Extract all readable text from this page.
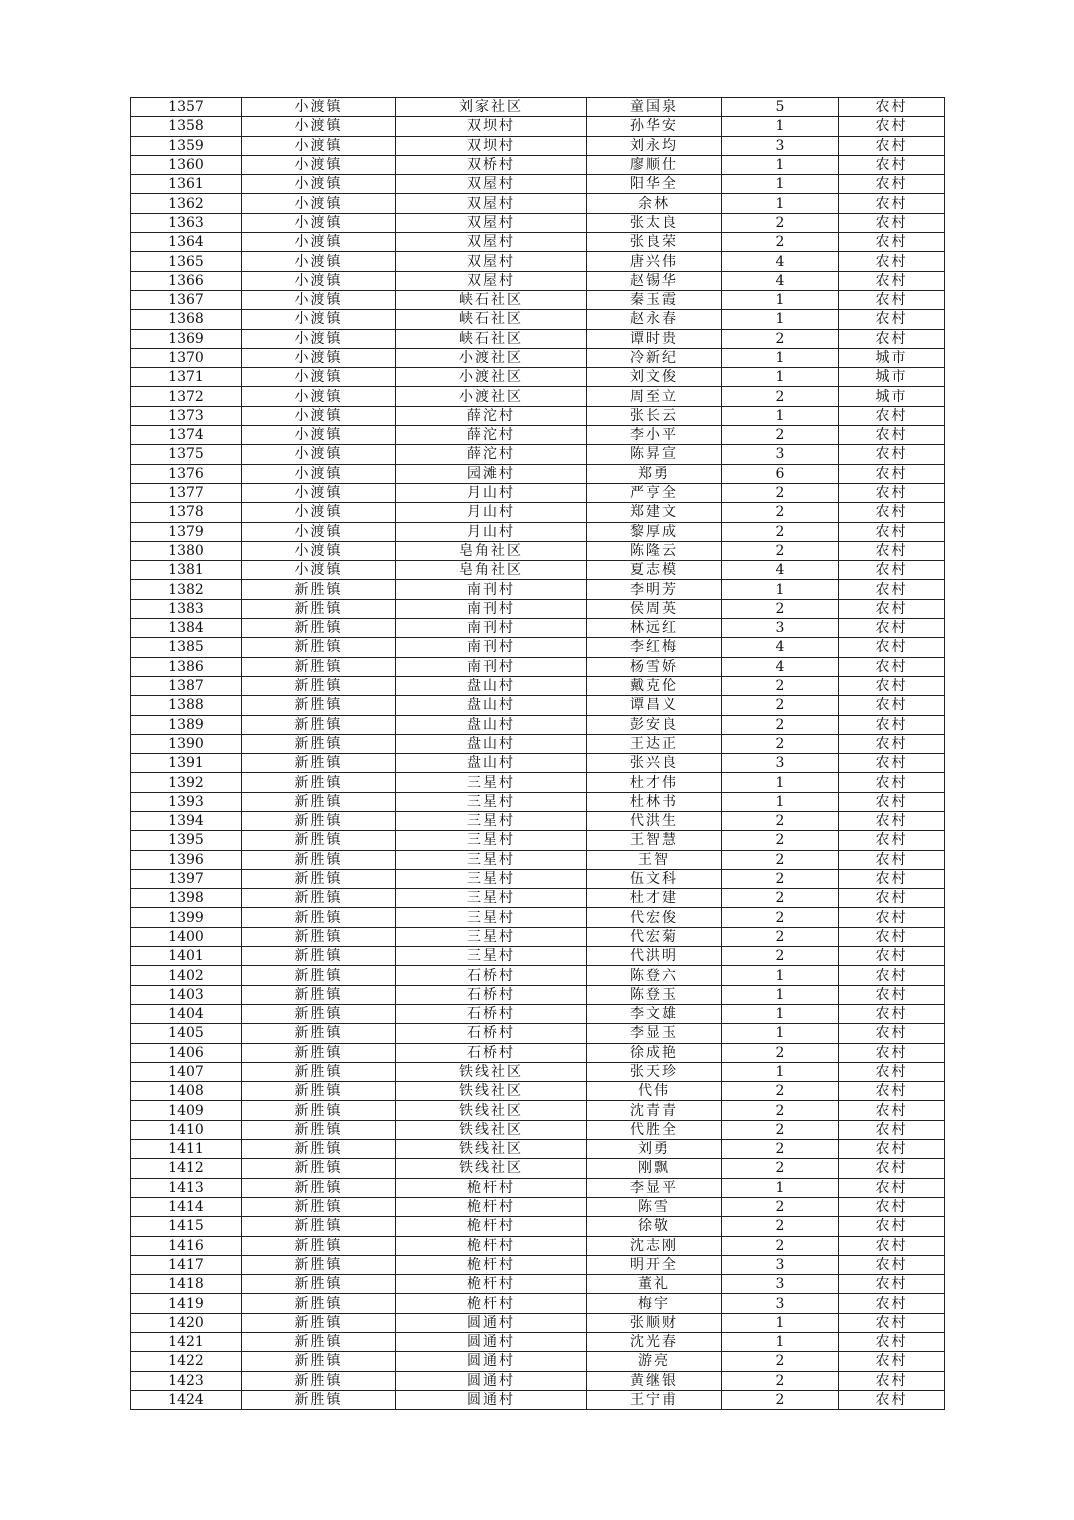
1357	小渡镇	刘家社区	童国泉	5	农村
1358	小渡镇	双坝村	孙华安	1	农村
1359	小渡镇	双坝村	刘永均	3	农村
1360	小渡镇	双桥村	廖顺仕	1	农村
1361	小渡镇	双屋村	阳华全	1	农村
1362	小渡镇	双屋村	余林	1	农村
1363	小渡镇	双屋村	张太良	2	农村
1364	小渡镇	双屋村	张良荣	2	农村
1365	小渡镇	双屋村	唐兴伟	4	农村
1366	小渡镇	双屋村	赵锡华	4	农村
1367	小渡镇	峡石社区	秦玉霞	1	农村
1368	小渡镇	峡石社区	赵永春	1	农村
1369	小渡镇	峡石社区	谭时贵	2	农村
1370	小渡镇	小渡社区	冷新纪	1	城市
1371	小渡镇	小渡社区	刘文俊	1	城市
1372	小渡镇	小渡社区	周至立	2	城市
1373	小渡镇	薛沱村	张长云	1	农村
1374	小渡镇	薛沱村	李小平	2	农村
1375	小渡镇	薛沱村	陈昇宣	3	农村
1376	小渡镇	园滩村	郑勇	6	农村
1377	小渡镇	月山村	严亨全	2	农村
1378	小渡镇	月山村	郑建文	2	农村
1379	小渡镇	月山村	黎厚成	2	农村
1380	小渡镇	皂角社区	陈隆云	2	农村
1381	小渡镇	皂角社区	夏志模	4	农村
1382	新胜镇	南刊村	李明芳	1	农村
1383	新胜镇	南刊村	侯周英	2	农村
1384	新胜镇	南刊村	林远红	3	农村
1385	新胜镇	南刊村	李红梅	4	农村
1386	新胜镇	南刊村	杨雪娇	4	农村
1387	新胜镇	盘山村	戴克伦	2	农村
1388	新胜镇	盘山村	谭昌义	2	农村
1389	新胜镇	盘山村	彭安良	2	农村
1390	新胜镇	盘山村	王达正	2	农村
1391	新胜镇	盘山村	张兴良	3	农村
1392	新胜镇	三星村	杜才伟	1	农村
1393	新胜镇	三星村	杜林书	1	农村
1394	新胜镇	三星村	代洪生	2	农村
1395	新胜镇	三星村	王智慧	2	农村
1396	新胜镇	三星村	王智	2	农村
1397	新胜镇	三星村	伍文科	2	农村
1398	新胜镇	三星村	杜才建	2	农村
1399	新胜镇	三星村	代宏俊	2	农村
1400	新胜镇	三星村	代宏菊	2	农村
1401	新胜镇	三星村	代洪明	2	农村
1402	新胜镇	石桥村	陈登六	1	农村
1403	新胜镇	石桥村	陈登玉	1	农村
1404	新胜镇	石桥村	李文雄	1	农村
1405	新胜镇	石桥村	李显玉	1	农村
1406	新胜镇	石桥村	徐成艳	2	农村
1407	新胜镇	铁线社区	张天珍	1	农村
1408	新胜镇	铁线社区	代伟	2	农村
1409	新胜镇	铁线社区	沈青青	2	农村
1410	新胜镇	铁线社区	代胜全	2	农村
1411	新胜镇	铁线社区	刘勇	2	农村
1412	新胜镇	铁线社区	刚飘	2	农村
1413	新胜镇	桅杆村	李显平	1	农村
1414	新胜镇	桅杆村	陈雪	2	农村
1415	新胜镇	桅杆村	徐敬	2	农村
1416	新胜镇	桅杆村	沈志刚	2	农村
1417	新胜镇	桅杆村	明开全	3	农村
1418	新胜镇	桅杆村	董礼	3	农村
1419	新胜镇	桅杆村	梅宇	3	农村
1420	新胜镇	圆通村	张顺财	1	农村
1421	新胜镇	圆通村	沈光春	1	农村
1422	新胜镇	圆通村	游亮	2	农村
1423	新胜镇	圆通村	黄继银	2	农村
1424	新胜镇	圆通村	王宁甫	2	农村
